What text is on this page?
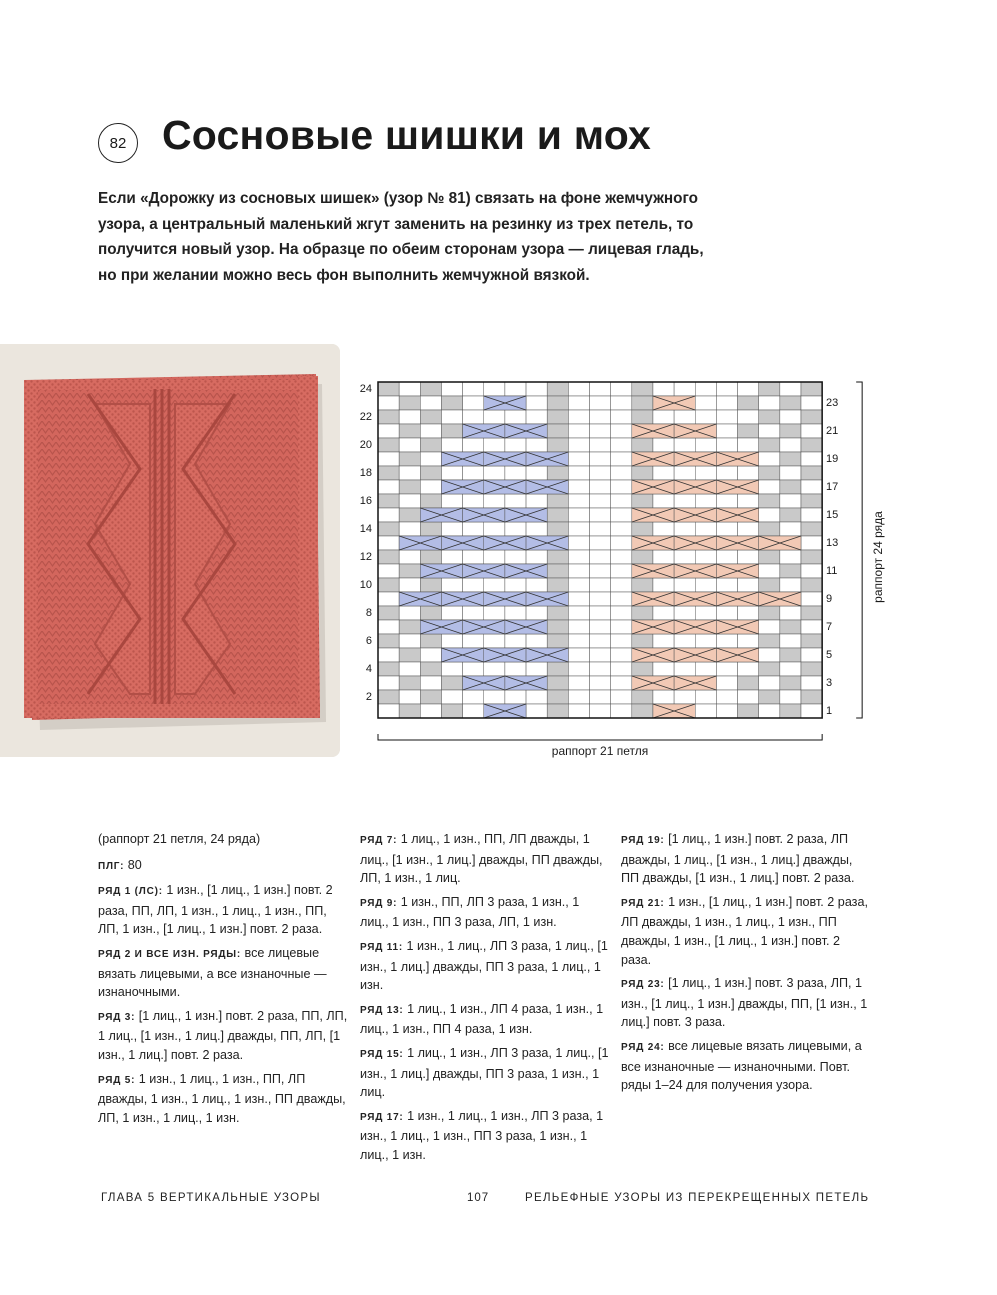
82 Сосновые шишки и мох
Если «Дорожку из сосновых шишек» (узор № 81) связать на фоне жемчужного
узора, а центральный маленький жгут заменить на резинку из трех петель, то
получится новый узор. На образце по обеим сторонам узора — лицевая гладь,
но при желании можно весь фон выполнить жемчужной вязкой.
24
22
20
18
16
14
12
10
8
6
4
2
23
21
19
17
15
13
11
9
7
5
3
1
раппорт 24 ряда
раппорт 21 петля

(раппорт 21 петля, 24 ряда)

ПЛГ: 80

РЯД 1 (ЛС): 1 изн., [1 лиц., 1 изн.] повт. 2 раза, ПП, ЛП, 1 изн., 1 лиц., 1 изн., ПП, ЛП, 1 изн., [1 лиц., 1 изн.] повт. 2 раза.

РЯД 2 И ВСЕ ИЗН. РЯДЫ: все лицевые вязать лицевыми, а все изнаночные — изнаночными.

РЯД 3: [1 лиц., 1 изн.] повт. 2 раза, ПП, ЛП, 1 лиц., [1 изн., 1 лиц.] дважды, ПП, ЛП, [1 изн., 1 лиц.] повт. 2 раза.

РЯД 5: 1 изн., 1 лиц., 1 изн., ПП, ЛП дважды, 1 изн., 1 лиц., 1 изн., ПП дважды, ЛП, 1 изн., 1 лиц., 1 изн.

РЯД 7: 1 лиц., 1 изн., ПП, ЛП дважды, 1 лиц., [1 изн., 1 лиц.] дважды, ПП дважды, ЛП, 1 изн., 1 лиц.

РЯД 9: 1 изн., ПП, ЛП 3 раза, 1 изн., 1 лиц., 1 изн., ПП 3 раза, ЛП, 1 изн.

РЯД 11: 1 изн., 1 лиц., ЛП 3 раза, 1 лиц., [1 изн., 1 лиц.] дважды, ПП 3 раза, 1 лиц., 1 изн.

РЯД 13: 1 лиц., 1 изн., ЛП 4 раза, 1 изн., 1 лиц., 1 изн., ПП 4 раза, 1 изн.

РЯД 15: 1 лиц., 1 изн., ЛП 3 раза, 1 лиц., [1 изн., 1 лиц.] дважды, ПП 3 раза, 1 изн., 1 лиц.

РЯД 17: 1 изн., 1 лиц., 1 изн., ЛП 3 раза, 1 изн., 1 лиц., 1 изн., ПП 3 раза, 1 изн., 1 лиц., 1 изн.

РЯД 19: [1 лиц., 1 изн.] повт. 2 раза, ЛП дважды, 1 лиц., [1 изн., 1 лиц.] дважды, ПП дважды, [1 изн., 1 лиц.] повт. 2 раза.

РЯД 21: 1 изн., [1 лиц., 1 изн.] повт. 2 раза, ЛП дважды, 1 изн., 1 лиц., 1 изн., ПП дважды, 1 изн., [1 лиц., 1 изн.] повт. 2 раза.

РЯД 23: [1 лиц., 1 изн.] повт. 3 раза, ЛП, 1 изн., [1 лиц., 1 изн.] дважды, ПП, [1 изн., 1 лиц.] повт. 3 раза.

РЯД 24: все лицевые вязать лицевыми, а все изнаночные — изнаночными. Повт. ряды 1–24 для получения узора.

ГЛАВА 5 ВЕРТИКАЛЬНЫЕ УЗОРЫ	107	РЕЛЬЕФНЫЕ УЗОРЫ ИЗ ПЕРЕКРЕЩЕННЫХ ПЕТЕЛЬ
